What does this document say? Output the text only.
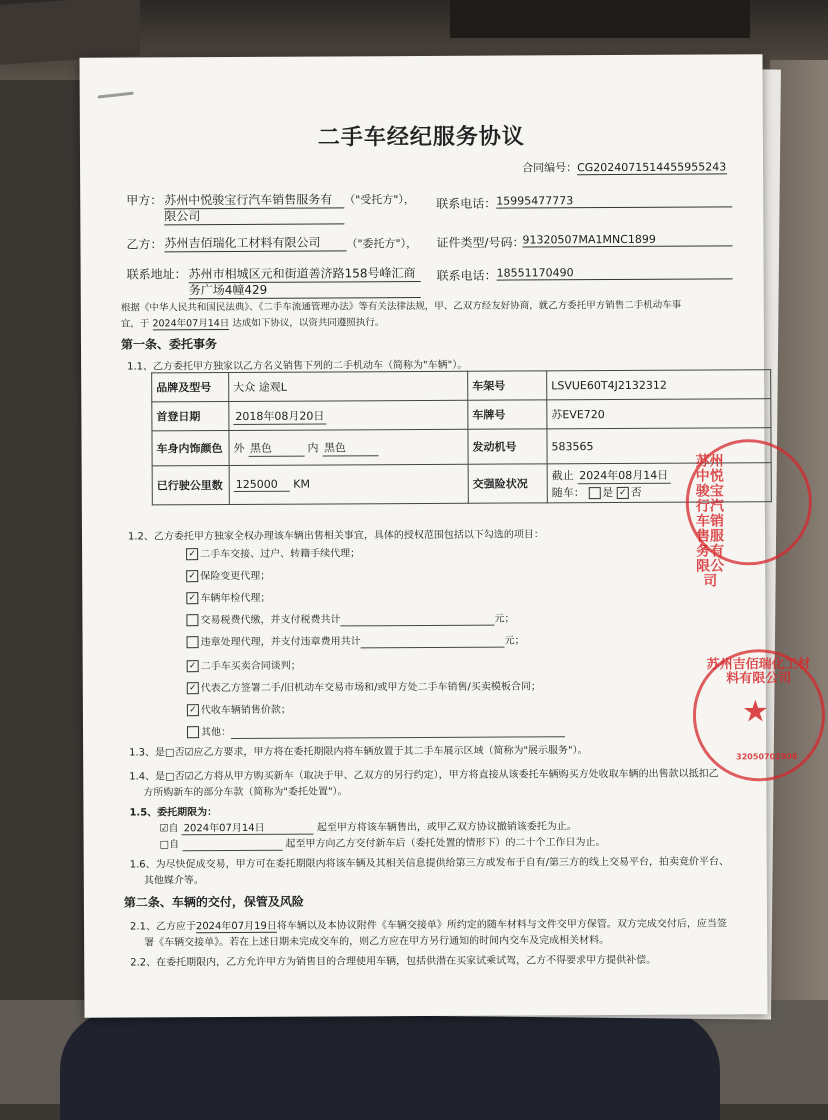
二手车经纪服务协议
合同编号：CG20240715144559552​43
甲方： 苏州中悦骏宝行汽车销售服务有
限公司
（"受托方"）， 联系电话： 15995477773
乙方： 苏州吉佰瑞化工材料有限公司	（"委托方"）， 证件类型/号码：
91320507MA1MNC1899
联系地址： 苏州市相城区元和街道善济路158号峰汇商
务广场4幢429
联系电话： 18551170490
根据《中华人民共和国民法典》、《二手车流通管理办法》等有关法律法规，甲、乙双方经友好协商，就乙方委托甲方销售二手机动车事
宜，于 2024年07月14日 达成如下协议，以资共同遵照执行。
第一条、委托事务
1.1、乙方委托甲方独家以乙方名义销售下列的二手机动车（简称为"车辆"）。
品牌及型号	大众 途观L	车架号	LSVUE60T4J2132312
首登日期	2018年08月20日	车牌号	苏EVE720
车身内饰颜色	外 黑色 内 黑色	发动机号	583565
已行驶公里数	125000 KM	交强险状况	截止 2024年08月14日
随车： 是 ✓ 否
1.2、乙方委托甲方独家全权办理该车辆出售相关事宜，具体的授权范围包括以下勾选的项目：
✓ 二手车交接、过户、转籍手续代理；
✓ 保险变更代理；
✓ 车辆年检代理；
交易税费代缴，并支付税费共计	元；
违章处理代理，并支付违章费用共计	元；
✓ 二手车买卖合同谈判；
✓ 代表乙方签署二手/旧机动车交易市场和/或甲方处二手车销售/买卖模板合同；
✓ 代收车辆销售价款；
其他：
1.3、是□否☑应乙方要求，甲方将在委托期限内将车辆放置于其二手车展示区域（简称为"展示服务"）。
1.4、是□否☑乙方将从甲方购买新车（取决于甲、乙双方的另行约定），甲方将直接从该委托车辆购买方处收取车辆的出售款以抵扣乙
方所购新车的部分车款（简称为"委托处置"）。
1.5、委托期限为：
☑自 2024年07月14日	起至甲方将该车辆售出，或甲乙双方协议撤销该委托为止。
□自	起至甲方向乙方交付新车后（委托处置的情形下）的二十个工作日为止。
1.6、为尽快促成交易，甲方可在委托期限内将该车辆及其相关信息提供给第三方或发布于自有/第三方的线上交易平台，拍卖竞价平台、
其他媒介等。
第二条、车辆的交付，保管及风险
2.1、乙方应于2024年07月19日将车辆以及本协议附件《车辆交接单》所约定的随车材料与文件交甲方保管。双方完成交付后，应当签
署《车辆交接单》。若在上述日期未完成交车的，则乙方应在甲方另行通知的时间内交车及完成相关材料。
2.2、在委托期限内，乙方允许甲方为销售目的合理使用车辆，包括供潜在买家试乘试驾，乙方不得要求甲方提供补偿。
苏州中悦骏宝行汽车销售服务有限公司
★
苏州吉佰瑞化工材料有限公司
32050702908
